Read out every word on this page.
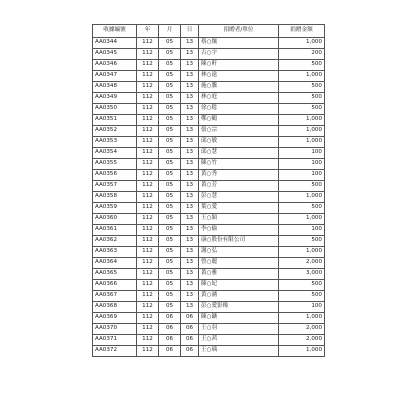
收據編號	年	月	日	捐贈者/單位	捐贈金額
AA0344	112	05	13	蔡○攘	1,000
AA0345	112	05	13	古○宇	200
AA0346	112	05	13	陳○軒	500
AA0347	112	05	13	林○遠	1,000
AA0348	112	05	13	施○騰	500
AA0349	112	05	13	林○庭	500
AA0350	112	05	13	徐○稔	500
AA0351	112	05	13	鄭○鶴	1,000
AA0352	112	05	13	張○宗	1,000
AA0353	112	05	13	邱○敏	1,000
AA0354	112	05	13	邱○慧	100
AA0355	112	05	13	陳○竹	100
AA0356	112	05	13	黃○秀	100
AA0357	112	05	13	黃○芳	500
AA0358	112	05	13	彭○慧	1,000
AA0359	112	05	13	葉○愛	500
AA0360	112	05	13	王○穎	1,000
AA0361	112	05	13	李○倫	100
AA0362	112	05	13	康○股份有限公司	500
AA0363	112	05	13	謝○弘	1,000
AA0364	112	05	13	曾○麗	2,000
AA0365	112	05	13	黃○雅	3,000
AA0366	112	05	13	陳○妃	500
AA0367	112	05	13	黃○涵	500
AA0368	112	05	13	彭○愛影像	100
AA0369	112	06	06	陳○鑛	1,000
AA0370	112	06	06	王○羽	2,000
AA0371	112	06	06	王○茜	2,000
AA0372	112	06	06	王○瑀	1,000
